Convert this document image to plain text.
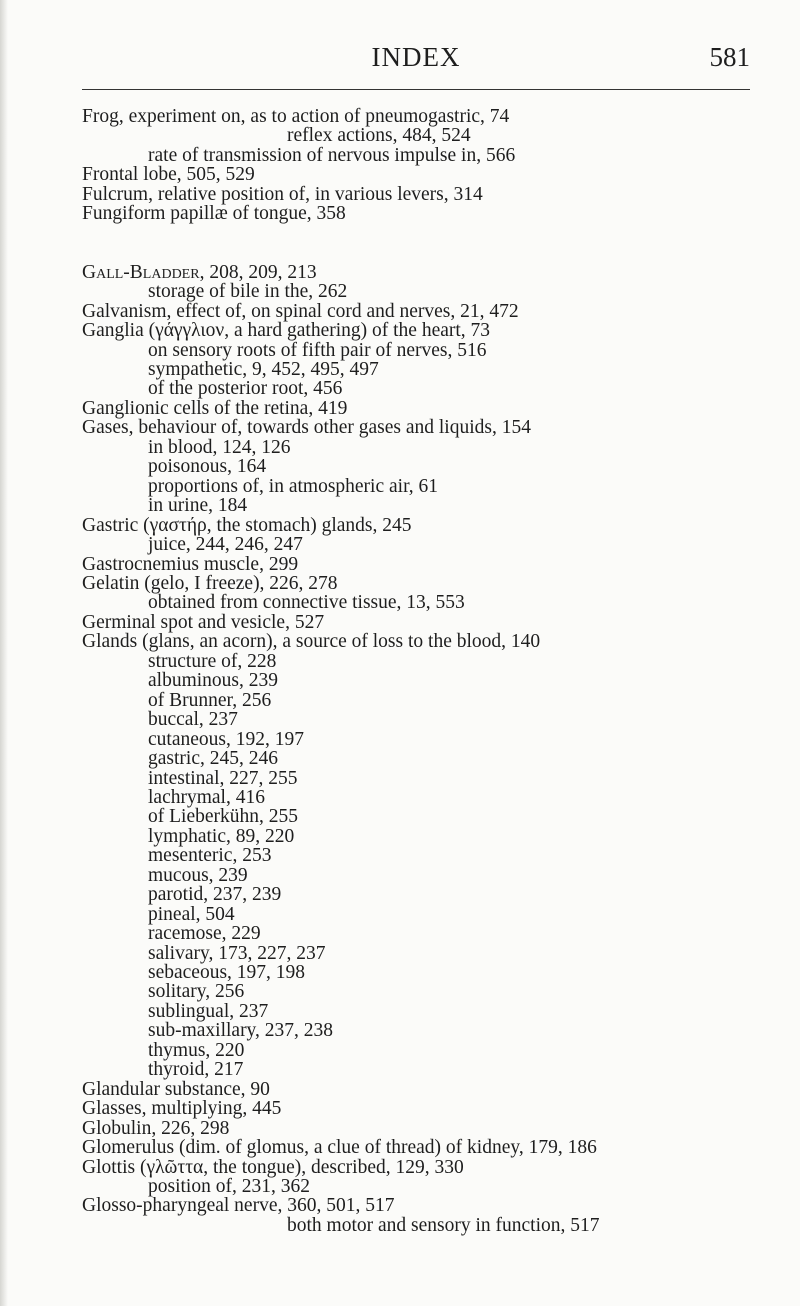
INDEX	581
Frog, experiment on, as to action of pneumogastric, 74
reflex actions, 484, 524
rate of transmission of nervous impulse in, 566
Frontal lobe, 505, 529
Fulcrum, relative position of, in various levers, 314
Fungiform papillæ of tongue, 358
Gall-Bladder, 208, 209, 213
storage of bile in the, 262
Galvanism, effect of, on spinal cord and nerves, 21, 472
Ganglia (γάγγλιον, a hard gathering) of the heart, 73
on sensory roots of fifth pair of nerves, 516
sympathetic, 9, 452, 495, 497
of the posterior root, 456
Ganglionic cells of the retina, 419
Gases, behaviour of, towards other gases and liquids, 154
in blood, 124, 126
poisonous, 164
proportions of, in atmospheric air, 61
in urine, 184
Gastric (γαστήρ, the stomach) glands, 245
juice, 244, 246, 247
Gastrocnemius muscle, 299
Gelatin (gelo, I freeze), 226, 278
obtained from connective tissue, 13, 553
Germinal spot and vesicle, 527
Glands (glans, an acorn), a source of loss to the blood, 140
structure of, 228
albuminous, 239
of Brunner, 256
buccal, 237
cutaneous, 192, 197
gastric, 245, 246
intestinal, 227, 255
lachrymal, 416
of Lieberkühn, 255
lymphatic, 89, 220
mesenteric, 253
mucous, 239
parotid, 237, 239
pineal, 504
racemose, 229
salivary, 173, 227, 237
sebaceous, 197, 198
solitary, 256
sublingual, 237
sub-maxillary, 237, 238
thymus, 220
thyroid, 217
Glandular substance, 90
Glasses, multiplying, 445
Globulin, 226, 298
Glomerulus (dim. of glomus, a clue of thread) of kidney, 179, 186
Glottis (γλῶττα, the tongue), described, 129, 330
position of, 231, 362
Glosso-pharyngeal nerve, 360, 501, 517
both motor and sensory in function, 517
